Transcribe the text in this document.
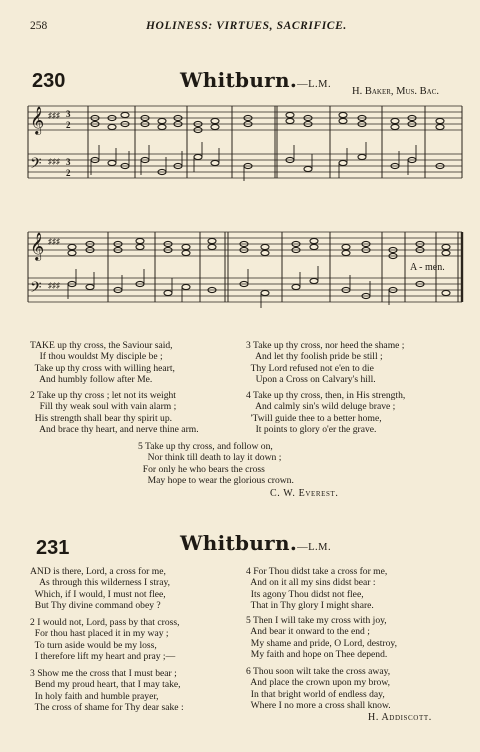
258	HOLINESS: VIRTUES, SACRIFICE.
230	Whitburn.—L.M.
H. Baker, Mus. Bac.
𝄞
𝄢
♯♯♯
♯♯♯
3
2
3
2
𝄞
𝄢
♯♯♯
♯♯♯
A - men.
TAKE up thy cross, the Saviour said,
If thou wouldst My disciple be ;
Take up thy cross with willing heart,
And humbly follow after Me.
3 Take up thy cross, nor heed the shame ;
And let thy foolish pride be still ;
Thy Lord refused not e'en to die
Upon a Cross on Calvary's hill.
2 Take up thy cross ; let not its weight
Fill thy weak soul with vain alarm ;
His strength shall bear thy spirit up.
And brace thy heart, and nerve thine arm.
4 Take up thy cross, then, in His strength,
And calmly sin's wild deluge brave ;
'Twill guide thee to a better home,
It points to glory o'er the grave.
5 Take up thy cross, and follow on,
Nor think till death to lay it down ;
For only he who bears the cross
May hope to wear the glorious crown.
C. W. Everest.
231	Whitburn.—L.M.
AND is there, Lord, a cross for me,
As through this wilderness I stray,
Which, if I would, I must not flee,
But Thy divine command obey ?
4 For Thou didst take a cross for me,
And on it all my sins didst bear :
Its agony Thou didst not flee,
That in Thy glory I might share.
2 I would not, Lord, pass by that cross,
For thou hast placed it in my way ;
To turn aside would be my loss,
I therefore lift my heart and pray ;—
5 Then I will take my cross with joy,
And bear it onward to the end ;
My shame and pride, O Lord, destroy,
My faith and hope on Thee depend.
3 Show me the cross that I must bear ;
Bend my proud heart, that I may take,
In holy faith and humble prayer,
The cross of shame for Thy dear sake :
6 Thou soon wilt take the cross away,
And place the crown upon my brow,
In that bright world of endless day,
Where I no more a cross shall know.
H. Addiscott.
